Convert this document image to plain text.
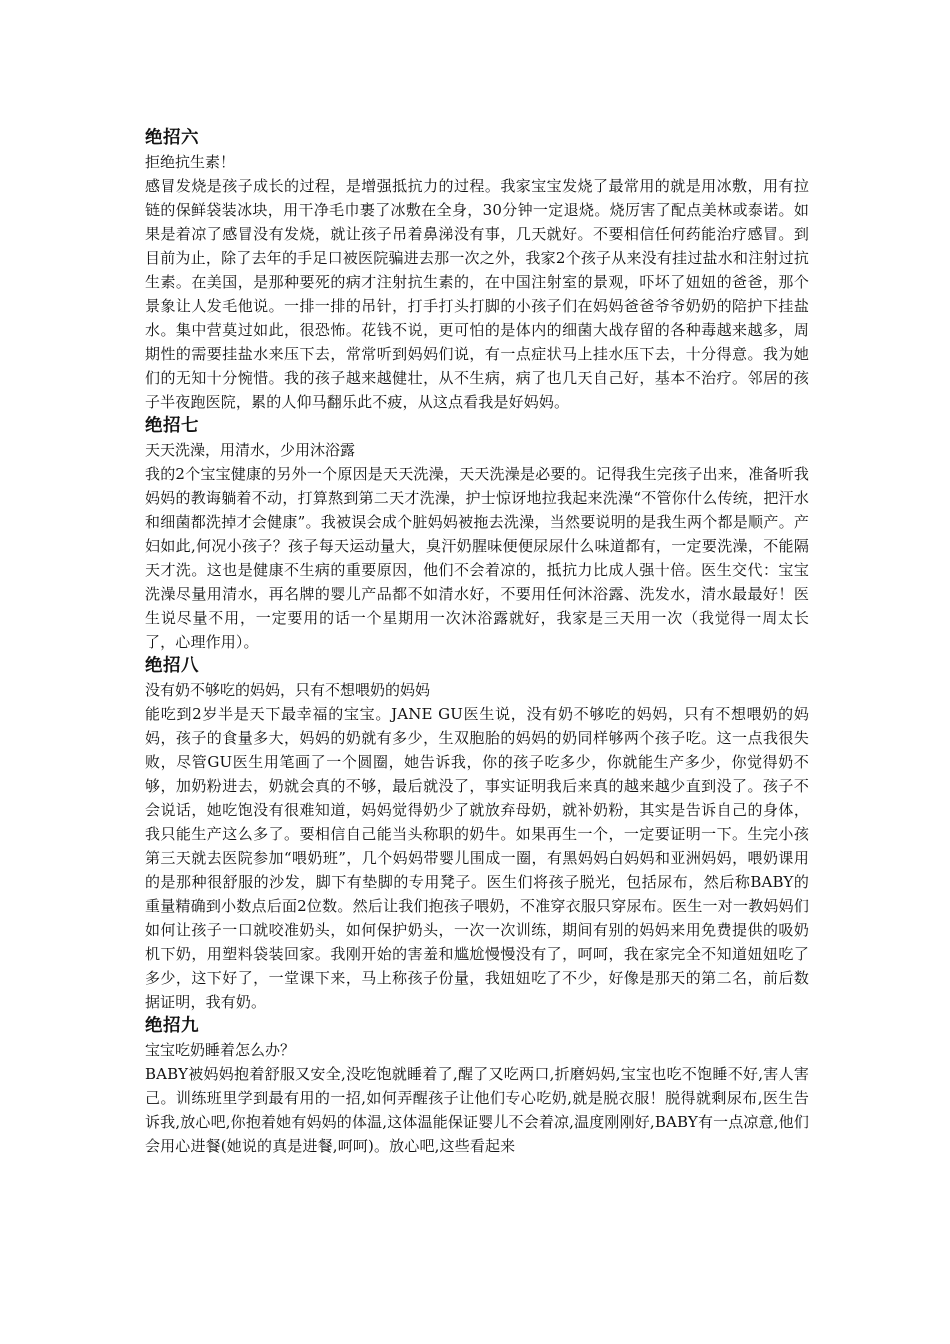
绝招六
拒绝抗生素！
感冒发烧是孩子成长的过程，是增强抵抗力的过程。我家宝宝发烧了最常用的就是用冰敷，用有拉链的保鲜袋装冰块，用干净毛巾裹了冰敷在全身，30分钟一定退烧。烧厉害了配点美林或泰诺。如果是着凉了感冒没有发烧，就让孩子吊着鼻涕没有事，几天就好。不要相信任何药能治疗感冒。到目前为止，除了去年的手足口被医院骗进去那一次之外，我家2个孩子从来没有挂过盐水和注射过抗生素。在美国，是那种要死的病才注射抗生素的，在中国注射室的景观，吓坏了妞妞的爸爸，那个景象让人发毛他说。一排一排的吊针，打手打头打脚的小孩子们在妈妈爸爸爷爷奶奶的陪护下挂盐水。集中营莫过如此，很恐怖。花钱不说，更可怕的是体内的细菌大战存留的各种毒越来越多，周期性的需要挂盐水来压下去，常常听到妈妈们说，有一点症状马上挂水压下去，十分得意。我为她们的无知十分惋惜。我的孩子越来越健壮，从不生病，病了也几天自己好，基本不治疗。邻居的孩子半夜跑医院，累的人仰马翻乐此不疲，从这点看我是好妈妈。
绝招七
天天洗澡，用清水，少用沐浴露
我的2个宝宝健康的另外一个原因是天天洗澡，天天洗澡是必要的。记得我生完孩子出来，准备听我妈妈的教诲躺着不动，打算熬到第二天才洗澡，护士惊讶地拉我起来洗澡“不管你什么传统，把汗水和细菌都洗掉才会健康”。我被误会成个脏妈妈被拖去洗澡，当然要说明的是我生两个都是顺产。产妇如此,何况小孩子？孩子每天运动量大，臭汗奶腥味便便尿尿什么味道都有，一定要洗澡，不能隔天才洗。这也是健康不生病的重要原因，他们不会着凉的，抵抗力比成人强十倍。医生交代：宝宝洗澡尽量用清水，再名牌的婴儿产品都不如清水好，不要用任何沐浴露、洗发水，清水最最好！医生说尽量不用，一定要用的话一个星期用一次沐浴露就好，我家是三天用一次（我觉得一周太长了，心理作用）。
绝招八
没有奶不够吃的妈妈，只有不想喂奶的妈妈
能吃到2岁半是天下最幸福的宝宝。JANE GU医生说，没有奶不够吃的妈妈，只有不想喂奶的妈妈，孩子的食量多大，妈妈的奶就有多少，生双胞胎的妈妈的奶同样够两个孩子吃。这一点我很失败，尽管GU医生用笔画了一个圆圈，她告诉我，你的孩子吃多少，你就能生产多少，你觉得奶不够，加奶粉进去，奶就会真的不够，最后就没了，事实证明我后来真的越来越少直到没了。孩子不会说话，她吃饱没有很难知道，妈妈觉得奶少了就放弃母奶，就补奶粉，其实是告诉自己的身体，我只能生产这么多了。要相信自己能当头称职的奶牛。如果再生一个，一定要证明一下。生完小孩第三天就去医院参加“喂奶班”，几个妈妈带婴儿围成一圈，有黑妈妈白妈妈和亚洲妈妈，喂奶课用的是那种很舒服的沙发，脚下有垫脚的专用凳子。医生们将孩子脱光，包括尿布，然后称BABY的重量精确到小数点后面2位数。然后让我们抱孩子喂奶，不准穿衣服只穿尿布。医生一对一教妈妈们如何让孩子一口就咬准奶头，如何保护奶头，一次一次训练，期间有别的妈妈来用免费提供的吸奶机下奶，用塑料袋装回家。我刚开始的害羞和尴尬慢慢没有了，呵呵，我在家完全不知道妞妞吃了多少，这下好了，一堂课下来，马上称孩子份量，我妞妞吃了不少，好像是那天的第二名，前后数据证明，我有奶。
绝招九
宝宝吃奶睡着怎么办？
BABY被妈妈抱着舒服又安全,没吃饱就睡着了,醒了又吃两口,折磨妈妈,宝宝也吃不饱睡不好,害人害己。训练班里学到最有用的一招,如何弄醒孩子让他们专心吃奶,就是脱衣服！脱得就剩尿布,医生告诉我,放心吧,你抱着她有妈妈的体温,这体温能保证婴儿不会着凉,温度刚刚好,BABY有一点凉意,他们会用心进餐(她说的真是进餐,呵呵)。放心吧,这些看起来
